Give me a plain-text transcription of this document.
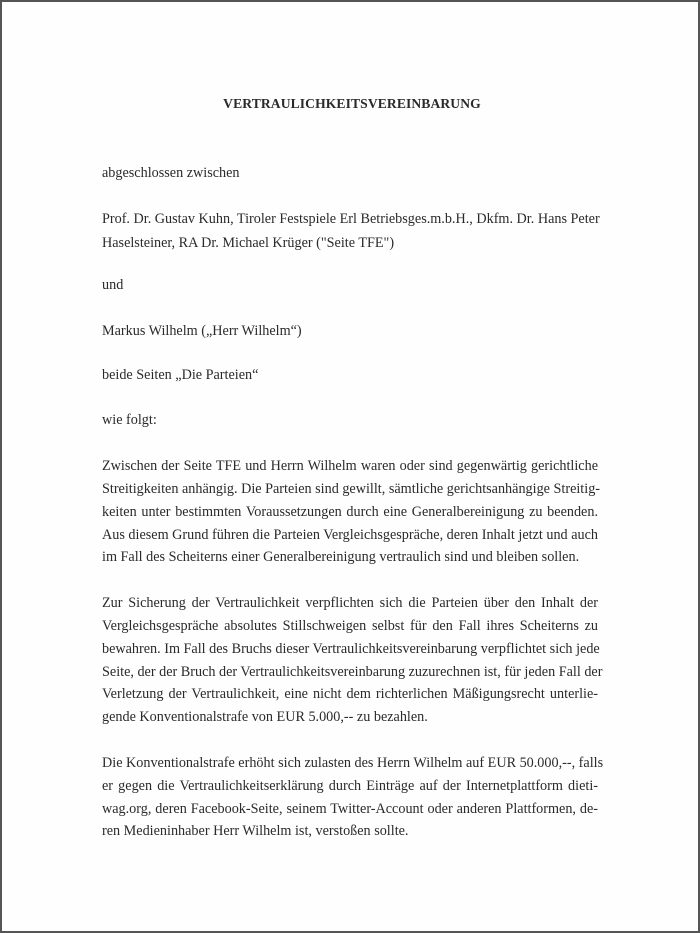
VERTRAULICHKEITSVEREINBARUNG

abgeschlossen zwischen

Prof. Dr. Gustav Kuhn, Tiroler Festspiele Erl Betriebsges.m.b.H., Dkfm. Dr. Hans Peter

Haselsteiner, RA Dr. Michael Krüger ("Seite TFE")

und

Markus Wilhelm („Herr Wilhelm“)

beide Seiten „Die Parteien“

wie folgt:

Zwischen der Seite TFE und Herrn Wilhelm waren oder sind gegenwärtig gerichtliche

Streitigkeiten anhängig. Die Parteien sind gewillt, sämtliche gerichtsanhängige Streitig-

keiten unter bestimmten Voraussetzungen durch eine Generalbereinigung zu beenden.

Aus diesem Grund führen die Parteien Vergleichsgespräche, deren Inhalt jetzt und auch

im Fall des Scheiterns einer Generalbereinigung vertraulich sind und bleiben sollen.

Zur Sicherung der Vertraulichkeit verpflichten sich die Parteien über den Inhalt der

Vergleichsgespräche absolutes Stillschweigen selbst für den Fall ihres Scheiterns zu

bewahren. Im Fall des Bruchs dieser Vertraulichkeitsvereinbarung verpflichtet sich jede

Seite, der der Bruch der Vertraulichkeitsvereinbarung zuzurechnen ist, für jeden Fall der

Verletzung der Vertraulichkeit, eine nicht dem richterlichen Mäßigungsrecht unterlie-

gende Konventionalstrafe von EUR 5.000,-- zu bezahlen.

Die Konventionalstrafe erhöht sich zulasten des Herrn Wilhelm auf EUR 50.000,--, falls

er gegen die Vertraulichkeitserklärung durch Einträge auf der Internetplattform dieti-

wag.org, deren Facebook-Seite, seinem Twitter-Account oder anderen Plattformen, de-

ren Medieninhaber Herr Wilhelm ist, verstoßen sollte.
